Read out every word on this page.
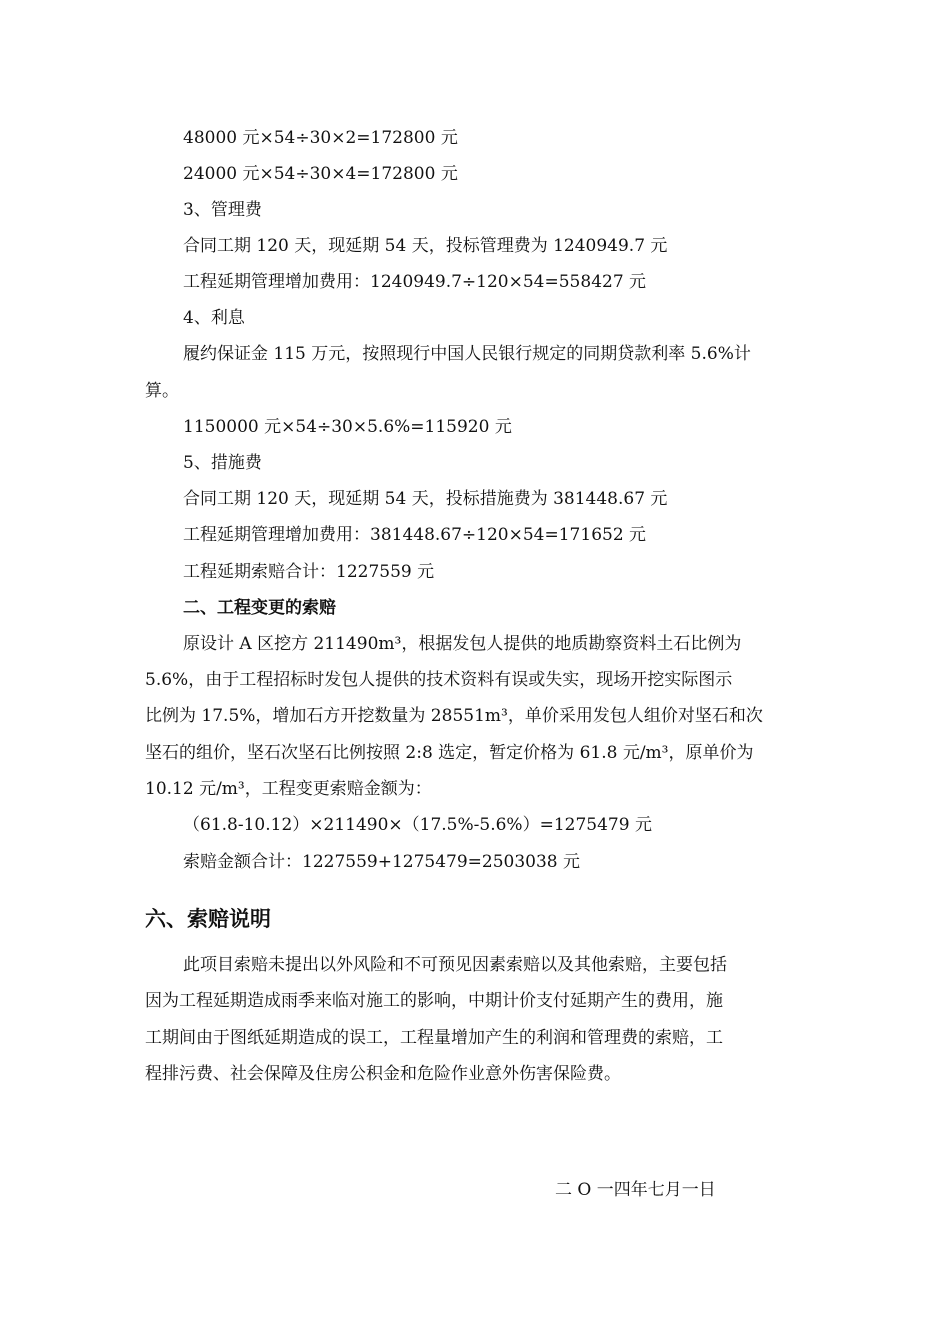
48000 元×54÷30×2=172800 元
24000 元×54÷30×4=172800 元
3、管理费
合同工期 120 天，现延期 54 天，投标管理费为 1240949.7 元
工程延期管理增加费用：1240949.7÷120×54=558427 元
4、利息
履约保证金 115 万元，按照现行中国人民银行规定的同期贷款利率 5.6%计
算。
1150000 元×54÷30×5.6%=115920 元
5、措施费
合同工期 120 天，现延期 54 天，投标措施费为 381448.67 元
工程延期管理增加费用：381448.67÷120×54=171652 元
工程延期索赔合计：1227559 元
二、工程变更的索赔
原设计 A 区挖方 211490m³，根据发包人提供的地质勘察资料土石比例为
5.6%，由于工程招标时发包人提供的技术资料有误或失实，现场开挖实际图示
比例为 17.5%，增加石方开挖数量为 28551m³，单价采用发包人组价对坚石和次
坚石的组价，坚石次坚石比例按照 2:8 选定，暂定价格为 61.8 元/m³，原单价为
10.12 元/m³，工程变更索赔金额为：
（61.8-10.12）×211490×（17.5%-5.6%）=1275479 元
索赔金额合计：1227559+1275479=2503038 元
六、索赔说明
此项目索赔未提出以外风险和不可预见因素索赔以及其他索赔，主要包括
因为工程延期造成雨季来临对施工的影响，中期计价支付延期产生的费用，施
工期间由于图纸延期造成的误工，工程量增加产生的利润和管理费的索赔，工
程排污费、社会保障及住房公积金和危险作业意外伤害保险费。
二 O 一四年七月一日
